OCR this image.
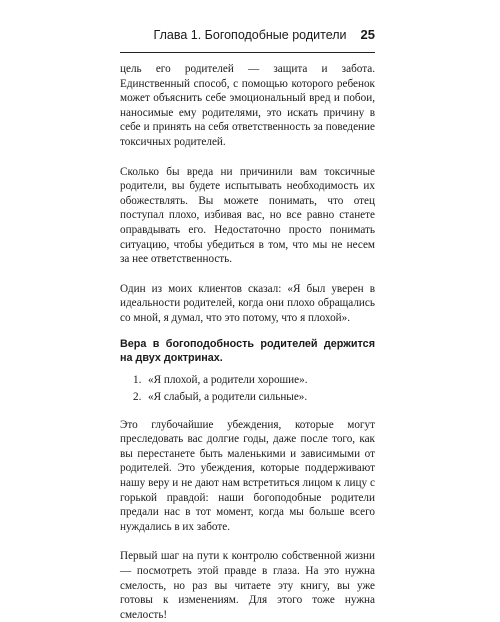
Глава 1. Богоподобные родители 25

цель его родителей — защита и забота. Единственный способ, с помощью которого ребенок может объяснить себе эмоциональный вред и побои, наносимые ему родителями, это искать причину в себе и принять на себя ответственность за поведение токсичных родителей.

Сколько бы вреда ни причинили вам токсичные родители, вы будете испытывать необходимость их обожествлять. Вы можете понимать, что отец поступал плохо, избивая вас, но все равно станете оправдывать его. Недостаточно просто понимать ситуацию, чтобы убедиться в том, что мы не несем за нее ответственность.

Один из моих клиентов сказал: «Я был уверен в идеальности родителей, когда они плохо обращались со мной, я думал, что это потому, что я плохой».

Вера в богоподобность родителей держится на двух доктринах.

1. «Я плохой, а родители хорошие».
2. «Я слабый, а родители сильные».

Это глубочайшие убеждения, которые могут преследовать вас долгие годы, даже после того, как вы перестанете быть маленькими и зависимыми от родителей. Это убеждения, которые поддерживают нашу веру и не дают нам встретиться лицом к лицу с горькой правдой: наши богоподобные родители предали нас в тот момент, когда мы больше всего нуждались в их заботе.

Первый шаг на пути к контролю собственной жизни — посмотреть этой правде в глаза. На это нужна смелость, но раз вы читаете эту книгу, вы уже готовы к изменениям. Для этого тоже нужна смелость!
